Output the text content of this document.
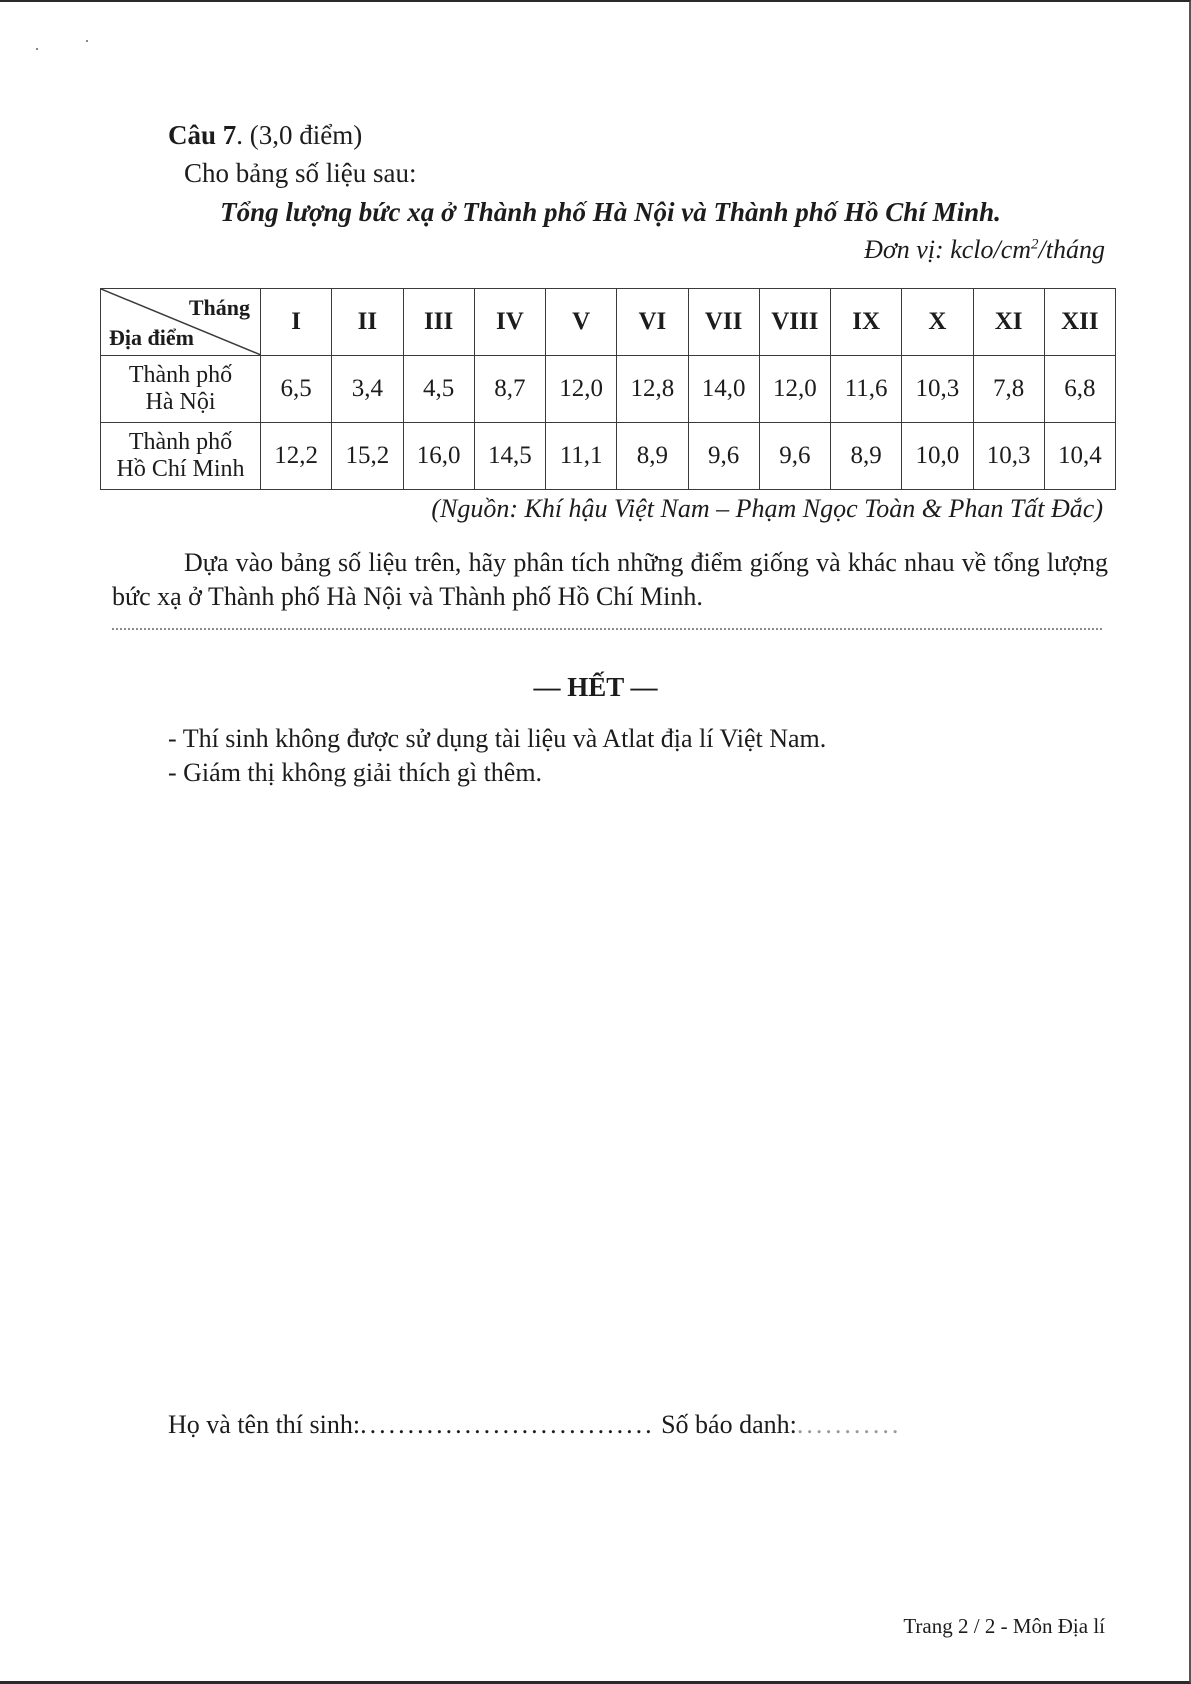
Câu 7. (3,0 điểm)
Cho bảng số liệu sau:
Tổng lượng bức xạ ở Thành phố Hà Nội và Thành phố Hồ Chí Minh.
Đơn vị: kclo/$cm^2$/tháng
Tháng
Địa điểm	I	II	III	IV	V	VI	VII	VIII	IX	X	XI	XII
Thành phố
Hà Nội	6,5	3,4	4,5	8,7	12,0	12,8	14,0	12,0	11,6	10,3	7,8	6,8
Thành phố
Hồ Chí Minh	12,2	15,2	16,0	14,5	11,1	8,9	9,6	9,6	8,9	10,0	10,3	10,4
(Nguồn: Khí hậu Việt Nam – Phạm Ngọc Toàn & Phan Tất Đắc)
Dựa vào bảng số liệu trên, hãy phân tích những điểm giống và khác nhau về tổng lượng bức xạ ở Thành phố Hà Nội và Thành phố Hồ Chí Minh.
— HẾT —
- Thí sinh không được sử dụng tài liệu và Atlat địa lí Việt Nam.
- Giám thị không giải thích gì thêm.
Họ và tên thí sinh:............................... Số báo danh:...........
Trang 2 / 2 - Môn Địa lí
